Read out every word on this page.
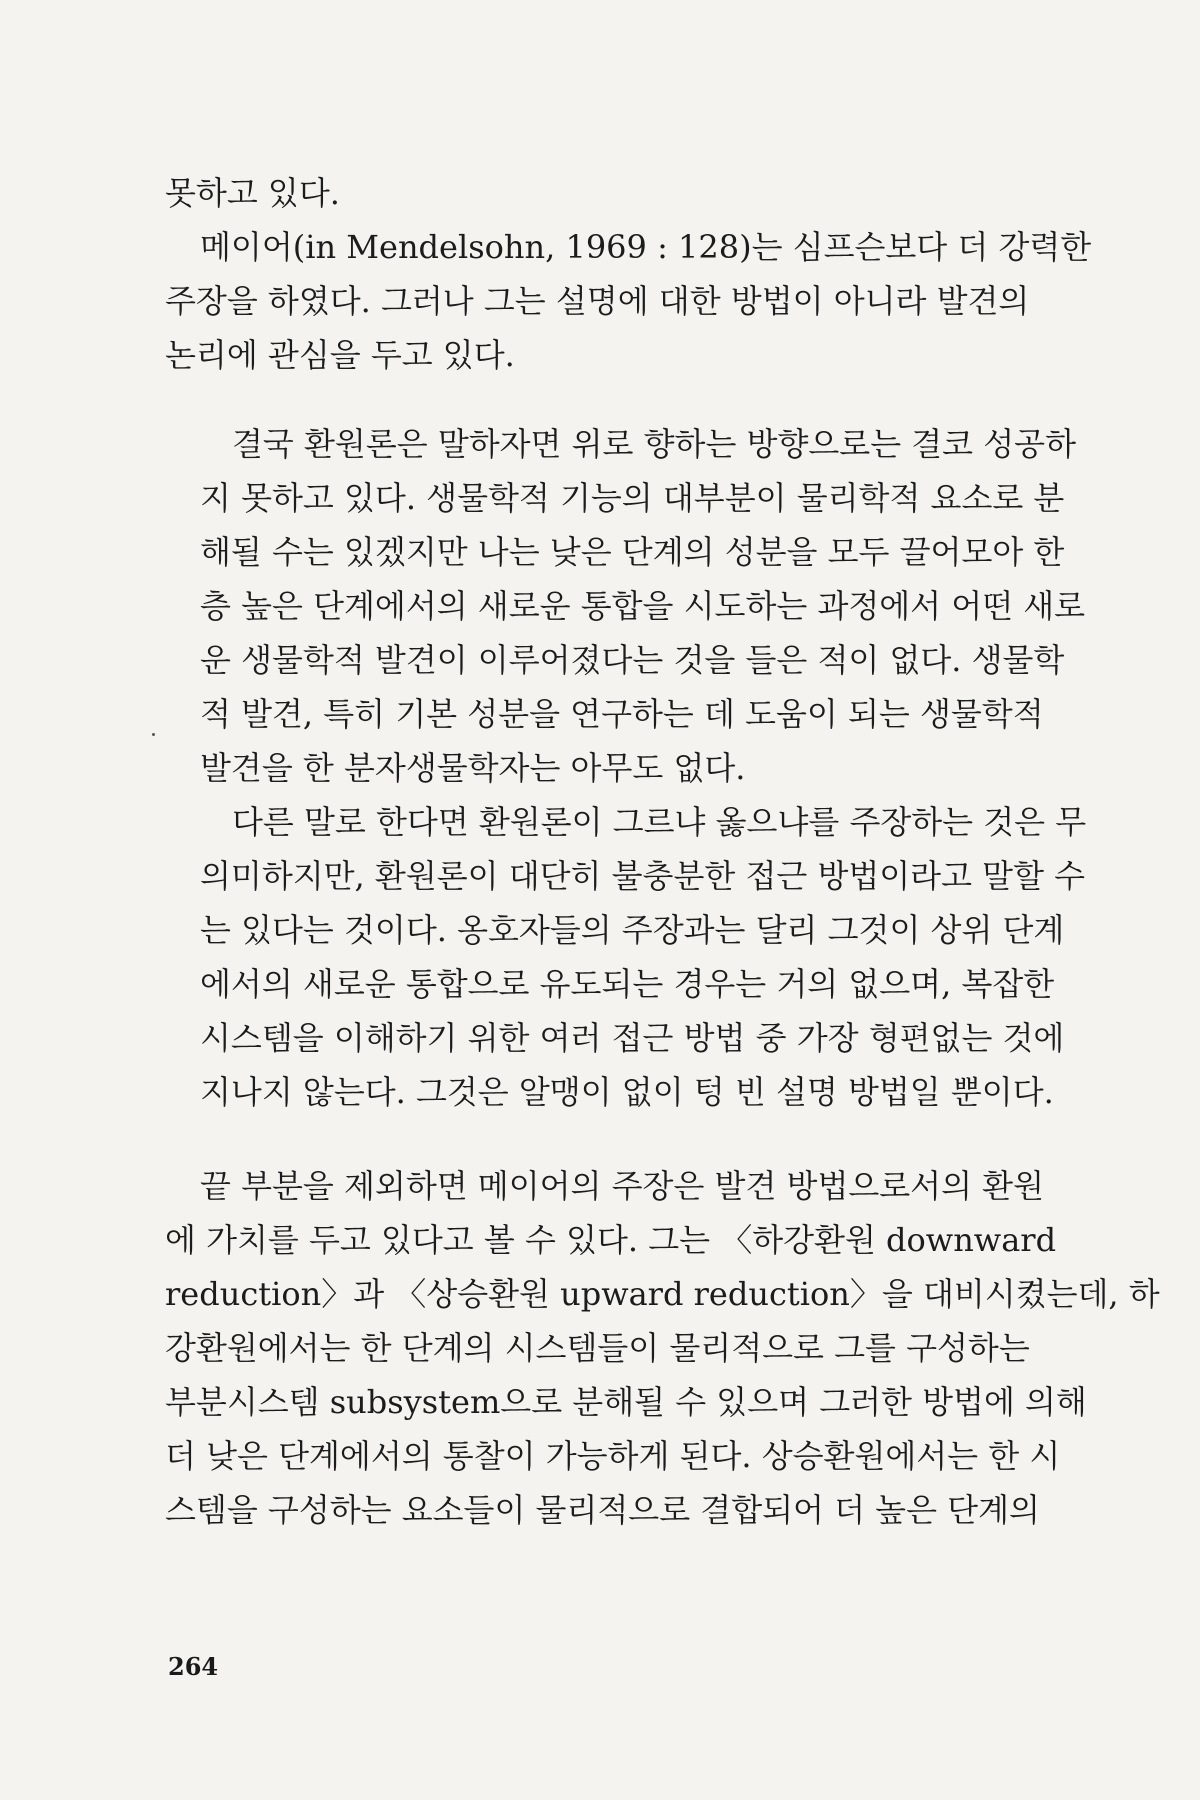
못하고 있다.
메이어(in Mendelsohn, 1969 : 128)는 심프슨보다 더 강력한
주장을 하였다. 그러나 그는 설명에 대한 방법이 아니라 발견의
논리에 관심을 두고 있다.
결국 환원론은 말하자면 위로 향하는 방향으로는 결코 성공하
지 못하고 있다. 생물학적 기능의 대부분이 물리학적 요소로 분
해될 수는 있겠지만 나는 낮은 단계의 성분을 모두 끌어모아 한
층 높은 단계에서의 새로운 통합을 시도하는 과정에서 어떤 새로
운 생물학적 발견이 이루어졌다는 것을 들은 적이 없다. 생물학
적 발견, 특히 기본 성분을 연구하는 데 도움이 되는 생물학적
발견을 한 분자생물학자는 아무도 없다.
다른 말로 한다면 환원론이 그르냐 옳으냐를 주장하는 것은 무
의미하지만, 환원론이 대단히 불충분한 접근 방법이라고 말할 수
는 있다는 것이다. 옹호자들의 주장과는 달리 그것이 상위 단계
에서의 새로운 통합으로 유도되는 경우는 거의 없으며, 복잡한
시스템을 이해하기 위한 여러 접근 방법 중 가장 형편없는 것에
지나지 않는다. 그것은 알맹이 없이 텅 빈 설명 방법일 뿐이다.
끝 부분을 제외하면 메이어의 주장은 발견 방법으로서의 환원
에 가치를 두고 있다고 볼 수 있다. 그는 〈하강환원 downward
reduction〉과 〈상승환원 upward reduction〉을 대비시켰는데, 하
강환원에서는 한 단계의 시스템들이 물리적으로 그를 구성하는
부분시스템 subsystem으로 분해될 수 있으며 그러한 방법에 의해
더 낮은 단계에서의 통찰이 가능하게 된다. 상승환원에서는 한 시
스템을 구성하는 요소들이 물리적으로 결합되어 더 높은 단계의
264
